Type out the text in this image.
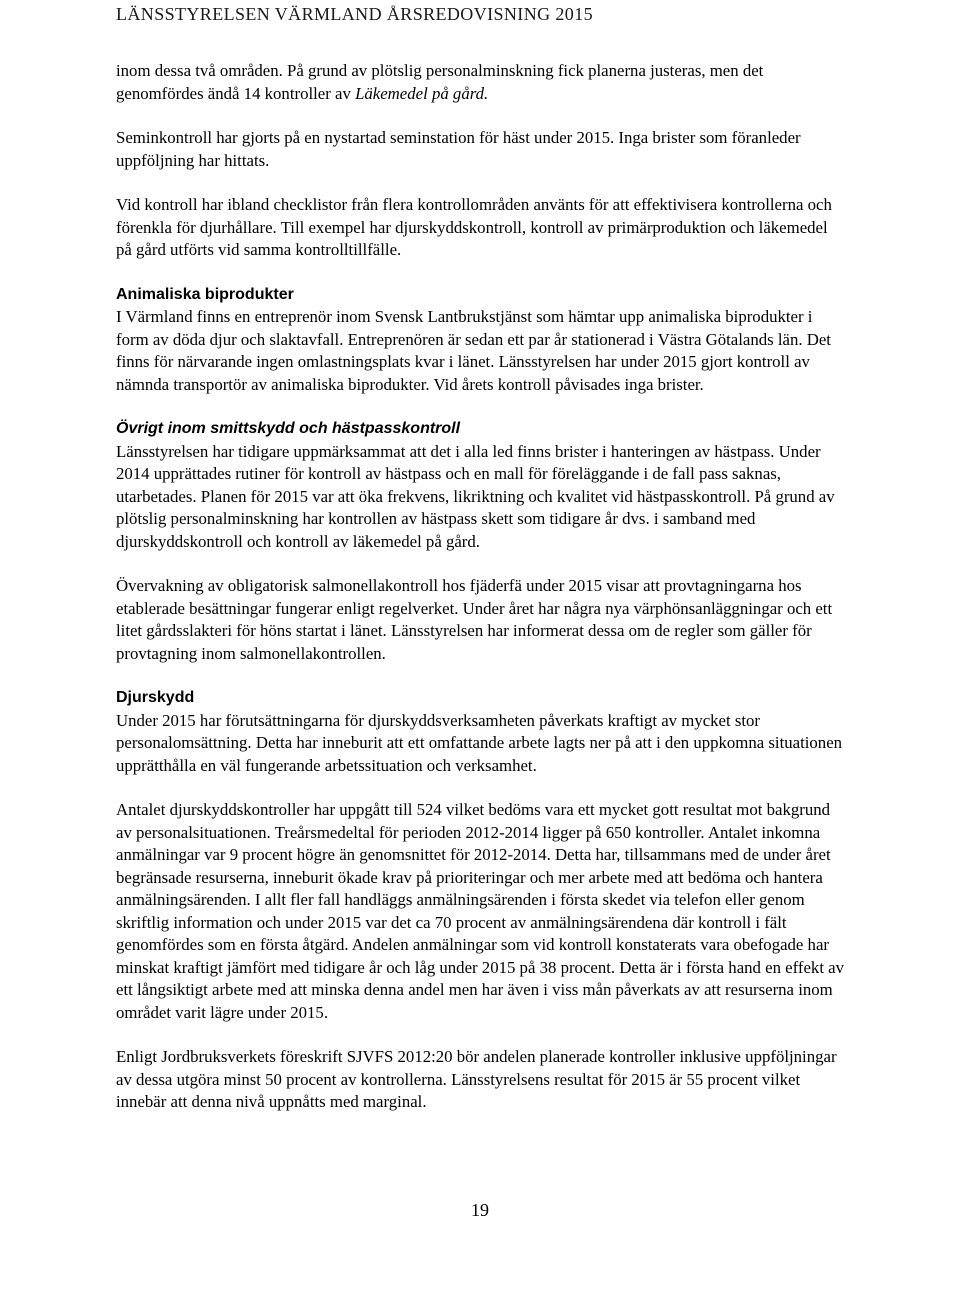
LÄNSSTYRELSEN VÄRMLAND ÅRSREDOVISNING 2015

inom dessa två områden. På grund av plötslig personalminskning fick planerna justeras, men det genomfördes ändå 14 kontroller av Läkemedel på gård.

Seminkontroll har gjorts på en nystartad seminstation för häst under 2015. Inga brister som föranleder uppföljning har hittats.

Vid kontroll har ibland checklistor från flera kontrollområden använts för att effektivisera kontrollerna och förenkla för djurhållare. Till exempel har djurskyddskontroll, kontroll av primärproduktion och läkemedel på gård utförts vid samma kontrolltillfälle.

Animaliska biprodukter
I Värmland finns en entreprenör inom Svensk Lantbrukstjänst som hämtar upp animaliska biprodukter i form av döda djur och slaktavfall. Entreprenören är sedan ett par år stationerad i Västra Götalands län. Det finns för närvarande ingen omlastningsplats kvar i länet. Länsstyrelsen har under 2015 gjort kontroll av nämnda transportör av animaliska biprodukter. Vid årets kontroll påvisades inga brister.

Övrigt inom smittskydd och hästpasskontroll
Länsstyrelsen har tidigare uppmärksammat att det i alla led finns brister i hanteringen av hästpass. Under 2014 upprättades rutiner för kontroll av hästpass och en mall för föreläggande i de fall pass saknas, utarbetades. Planen för 2015 var att öka frekvens, likriktning och kvalitet vid hästpasskontroll. På grund av plötslig personalminskning har kontrollen av hästpass skett som tidigare år dvs. i samband med djurskyddskontroll och kontroll av läkemedel på gård.

Övervakning av obligatorisk salmonellakontroll hos fjäderfä under 2015 visar att provtagningarna hos etablerade besättningar fungerar enligt regelverket. Under året har några nya värphönsanläggningar och ett litet gårdsslakteri för höns startat i länet. Länsstyrelsen har informerat dessa om de regler som gäller för provtagning inom salmonellakontrollen.

Djurskydd
Under 2015 har förutsättningarna för djurskyddsverksamheten påverkats kraftigt av mycket stor personalomsättning. Detta har inneburit att ett omfattande arbete lagts ner på att i den uppkomna situationen upprätthålla en väl fungerande arbetssituation och verksamhet.

Antalet djurskyddskontroller har uppgått till 524 vilket bedöms vara ett mycket gott resultat mot bakgrund av personalsituationen. Treårsmedeltal för perioden 2012-2014 ligger på 650 kontroller. Antalet inkomna anmälningar var 9 procent högre än genomsnittet för 2012-2014. Detta har, tillsammans med de under året begränsade resurserna, inneburit ökade krav på prioriteringar och mer arbete med att bedöma och hantera anmälningsärenden. I allt fler fall handläggs anmälningsärenden i första skedet via telefon eller genom skriftlig information och under 2015 var det ca 70 procent av anmälningsärendena där kontroll i fält genomfördes som en första åtgärd. Andelen anmälningar som vid kontroll konstaterats vara obefogade har minskat kraftigt jämfört med tidigare år och låg under 2015 på 38 procent. Detta är i första hand en effekt av ett långsiktigt arbete med att minska denna andel men har även i viss mån påverkats av att resurserna inom området varit lägre under 2015.

Enligt Jordbruksverkets föreskrift SJVFS 2012:20 bör andelen planerade kontroller inklusive uppföljningar av dessa utgöra minst 50 procent av kontrollerna. Länsstyrelsens resultat för 2015 är 55 procent vilket innebär att denna nivå uppnåtts med marginal.

19
